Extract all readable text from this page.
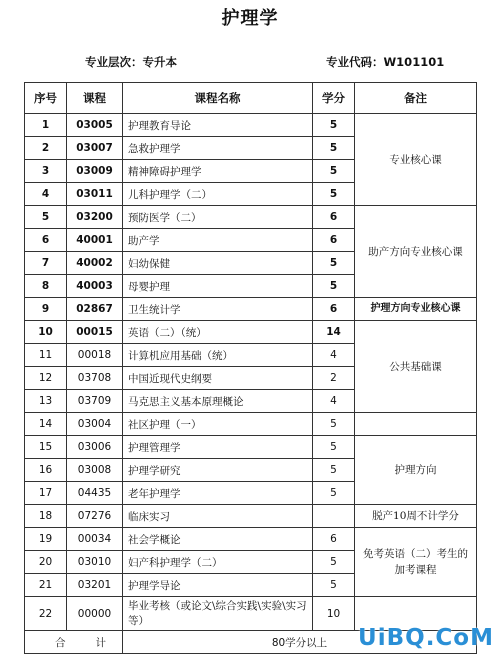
护理学
专业层次：专升本	专业代码：W101101
序号	课程	课程名称	学分	备注
1	03005	护理教育导论	5	专业核心课
2	03007	急救护理学	5	
3	03009	精神障碍护理学	5	
4	03011	儿科护理学（二）	5	
5	03200	预防医学（二）	6	助产方向专业核心课
6	40001	助产学	6	
7	40002	妇幼保健	5	
8	40003	母婴护理	5	
9	02867	卫生统计学	6	护理方向专业核心课
10	00015	英语（二）（统）	14	公共基础课
11	00018	计算机应用基础（统）	4	
12	03708	中国近现代史纲要	2	
13	03709	马克思主义基本原理概论	4	
14	03004	社区护理（一）	5	
15	03006	护理管理学	5	护理方向
16	03008	护理学研究	5	
17	04435	老年护理学	5	
18	07276	临床实习		脱产10周不计学分
19	00034	社会学概论	6	免考英语（二）考生的加考课程
20	03010	妇产科护理学（二）	5	
21	03201	护理学导论	5	
22	00000	毕业考核（或论文\综合实践\实验\实习等）	10	
合计		80学分以上		UiBQ.CoM
